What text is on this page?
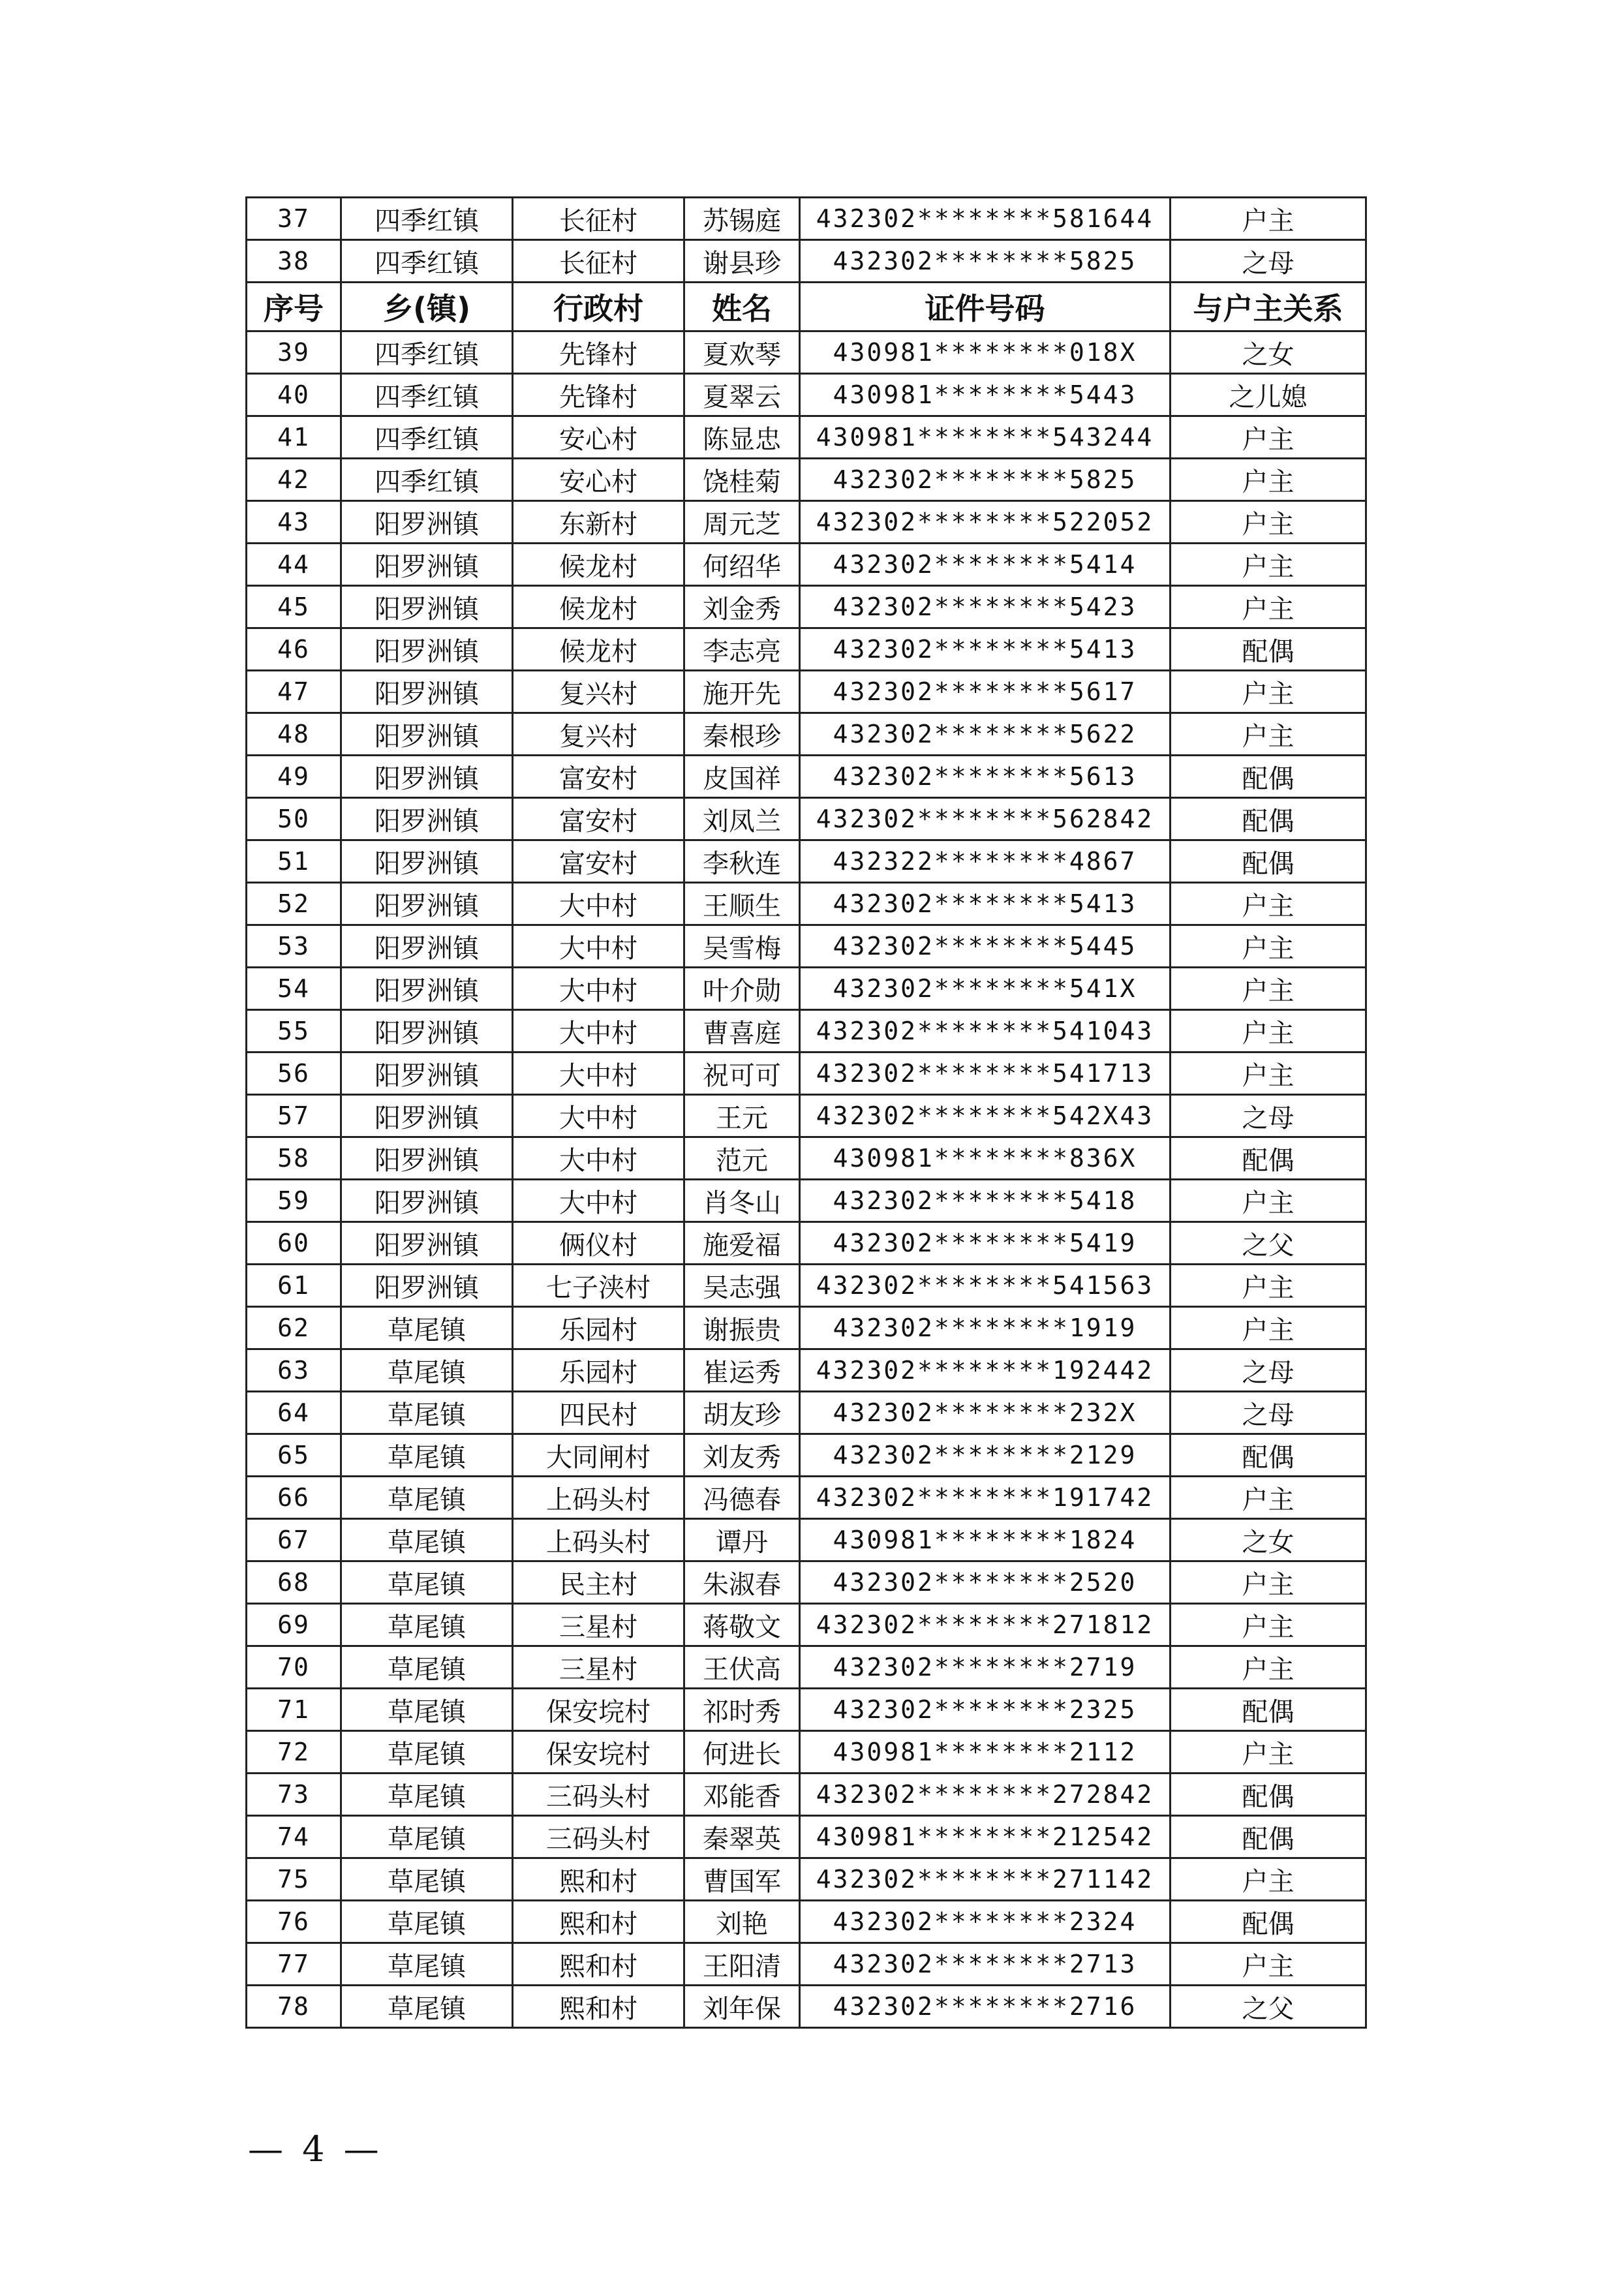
37	四季红镇	长征村	苏锡庭	432302********581644	户主
38	四季红镇	长征村	谢县珍	432302********5825	之母
序号	乡(镇)	行政村	姓名	证件号码	与户主关系
39	四季红镇	先锋村	夏欢琴	430981********018X	之女
40	四季红镇	先锋村	夏翠云	430981********5443	之儿媳
41	四季红镇	安心村	陈显忠	430981********543244	户主
42	四季红镇	安心村	饶桂菊	432302********5825	户主
43	阳罗洲镇	东新村	周元芝	432302********522052	户主
44	阳罗洲镇	候龙村	何绍华	432302********5414	户主
45	阳罗洲镇	候龙村	刘金秀	432302********5423	户主
46	阳罗洲镇	候龙村	李志亮	432302********5413	配偶
47	阳罗洲镇	复兴村	施开先	432302********5617	户主
48	阳罗洲镇	复兴村	秦根珍	432302********5622	户主
49	阳罗洲镇	富安村	皮国祥	432302********5613	配偶
50	阳罗洲镇	富安村	刘凤兰	432302********562842	配偶
51	阳罗洲镇	富安村	李秋连	432322********4867	配偶
52	阳罗洲镇	大中村	王顺生	432302********5413	户主
53	阳罗洲镇	大中村	吴雪梅	432302********5445	户主
54	阳罗洲镇	大中村	叶介勋	432302********541X	户主
55	阳罗洲镇	大中村	曹喜庭	432302********541043	户主
56	阳罗洲镇	大中村	祝可可	432302********541713	户主
57	阳罗洲镇	大中村	王元	432302********542X43	之母
58	阳罗洲镇	大中村	范元	430981********836X	配偶
59	阳罗洲镇	大中村	肖冬山	432302********5418	户主
60	阳罗洲镇	俩仪村	施爱福	432302********5419	之父
61	阳罗洲镇	七子浃村	吴志强	432302********541563	户主
62	草尾镇	乐园村	谢振贵	432302********1919	户主
63	草尾镇	乐园村	崔运秀	432302********192442	之母
64	草尾镇	四民村	胡友珍	432302********232X	之母
65	草尾镇	大同闸村	刘友秀	432302********2129	配偶
66	草尾镇	上码头村	冯德春	432302********191742	户主
67	草尾镇	上码头村	谭丹	430981********1824	之女
68	草尾镇	民主村	朱淑春	432302********2520	户主
69	草尾镇	三星村	蒋敬文	432302********271812	户主
70	草尾镇	三星村	王伏高	432302********2719	户主
71	草尾镇	保安垸村	祁时秀	432302********2325	配偶
72	草尾镇	保安垸村	何进长	430981********2112	户主
73	草尾镇	三码头村	邓能香	432302********272842	配偶
74	草尾镇	三码头村	秦翠英	430981********212542	配偶
75	草尾镇	熙和村	曹国军	432302********271142	户主
76	草尾镇	熙和村	刘艳	432302********2324	配偶
77	草尾镇	熙和村	王阳清	432302********2713	户主
78	草尾镇	熙和村	刘年保	432302********2716	之父
— 4 —
